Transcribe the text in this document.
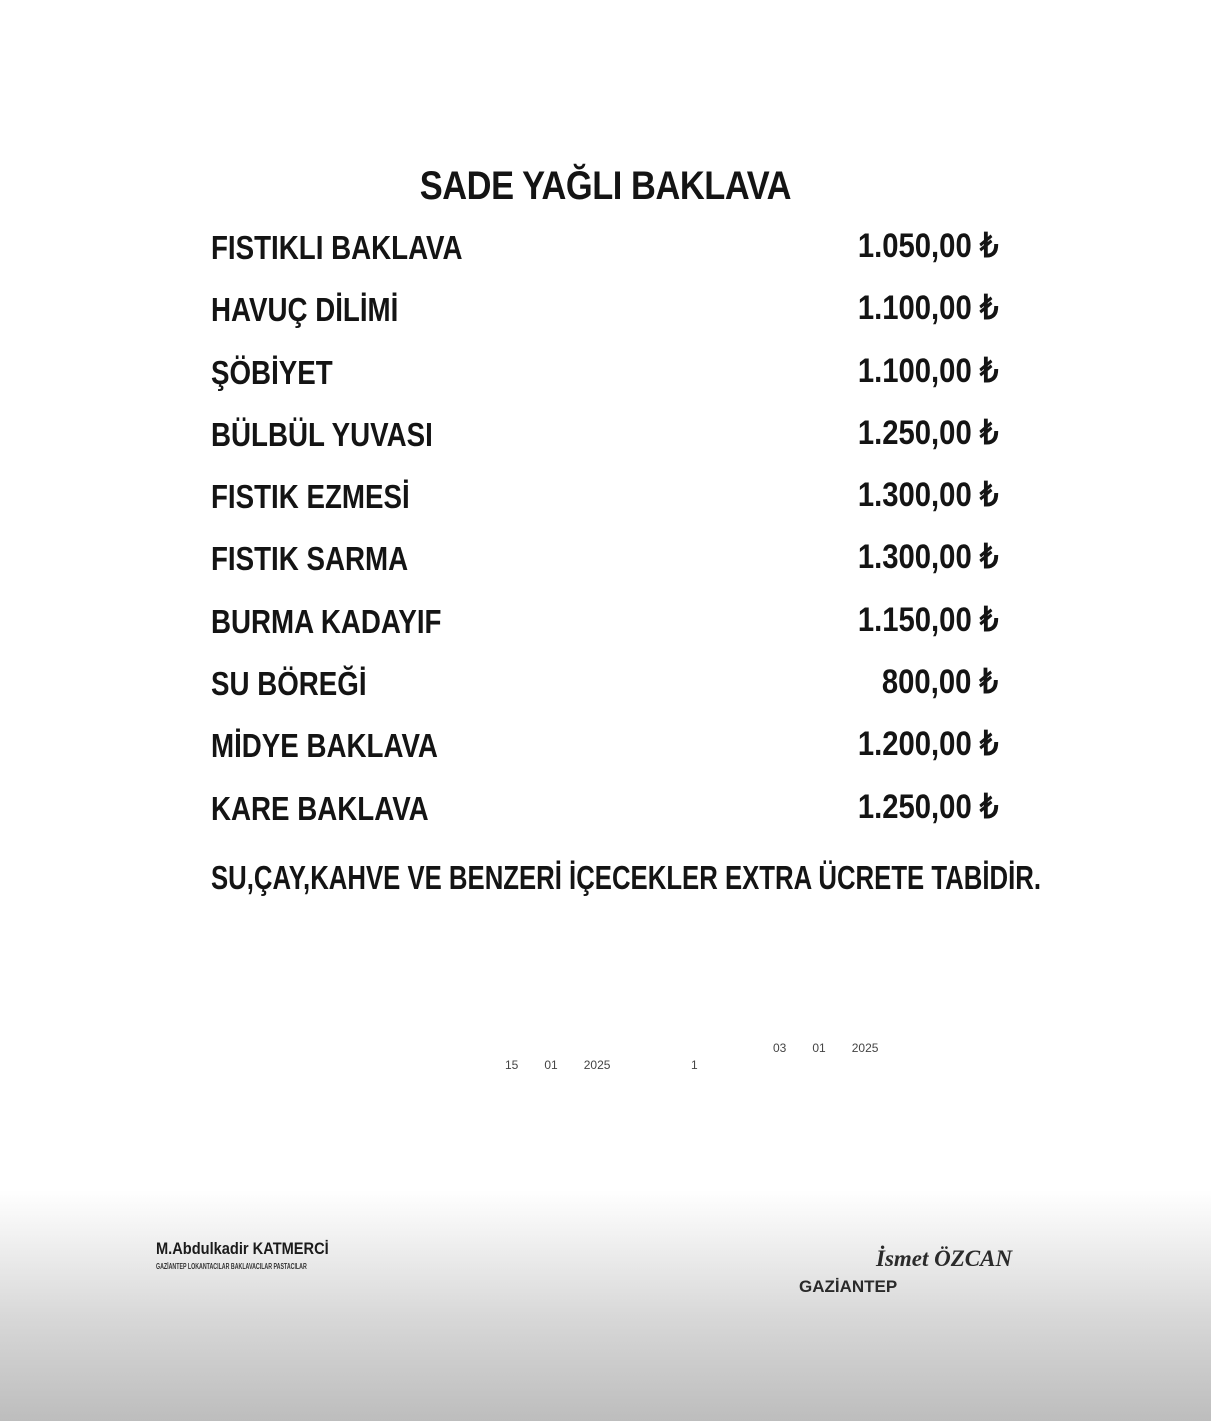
SADE YAĞLI BAKLAVA
FISTIKLI BAKLAVA	1.050,00 ₺
HAVUÇ DİLİMİ	1.100,00 ₺
ŞÖBİYET	1.100,00 ₺
BÜLBÜL YUVASI	1.250,00 ₺
FISTIK EZMESİ	1.300,00 ₺
FISTIK SARMA	1.300,00 ₺
BURMA KADAYIF	1.150,00 ₺
SU BÖREĞİ	800,00 ₺
MİDYE BAKLAVA	1.200,00 ₺
KARE BAKLAVA	1.250,00 ₺
SU,ÇAY,KAHVE VE BENZERİ İÇECEKLER EXTRA ÜCRETE TABİDİR.
15 01 2025	1
03 01 2025
M.Abdulkadir KATMERCİ
GAZİANTEP LOKANTACILAR BAKLAVACILAR PASTACILAR	İsmet ÖZCAN
GAZİANTEP
